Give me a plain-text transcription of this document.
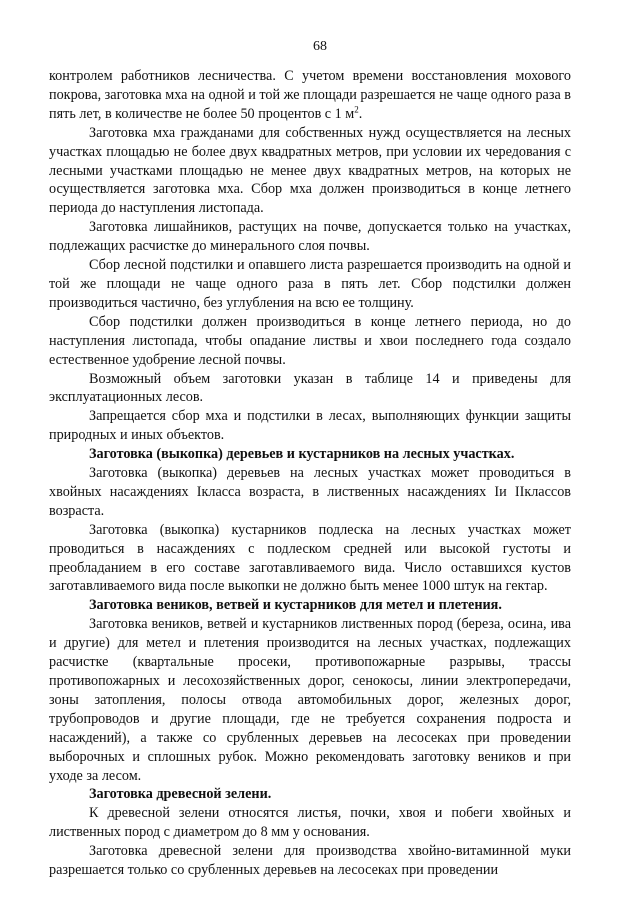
68

контролем работников лесничества. С учетом времени восстановления мохового покрова, заготовка мха на одной и той же площади разрешается не чаще одного раза в пять лет, в количестве не более 50 процентов с 1 $м^2$.

Заготовка мха гражданами для собственных нужд осуществляется на лесных участках площадью не более двух квадратных метров, при условии их чередования с лесными участками площадью не менее двух квадратных метров, на которых не осуществляется заготовка мха. Сбор мха должен производиться в конце летнего периода до наступления листопада.

Заготовка лишайников, растущих на почве, допускается только на участках, подлежащих расчистке до минерального слоя почвы.

Сбор лесной подстилки и опавшего листа разрешается производить на одной и той же площади не чаще одного раза в пять лет. Сбор подстилки должен производиться частично, без углубления на всю ее толщину.

Сбор подстилки должен производиться в конце летнего периода, но до наступления листопада, чтобы опадание листвы и хвои последнего года создало естественное удобрение лесной почвы.

Возможный объем заготовки указан в таблице 14 и приведены для эксплуатационных лесов.

Запрещается сбор мха и подстилки в лесах, выполняющих функции защиты природных и иных объектов.

Заготовка (выкопка) деревьев и кустарников на лесных участках.

Заготовка (выкопка) деревьев на лесных участках может проводиться в хвойных насаждениях Iкласса возраста, в лиственных насаждениях Iи IIклассов возраста.

Заготовка (выкопка) кустарников подлеска на лесных участках может проводиться в насаждениях с подлеском средней или высокой густоты и преобладанием в его составе заготавливаемого вида. Число оставшихся кустов заготавливаемого вида после выкопки не должно быть менее 1000 штук на гектар.

Заготовка веников, ветвей и кустарников для метел и плетения.

Заготовка веников, ветвей и кустарников лиственных пород (береза, осина, ива и другие) для метел и плетения производится на лесных участках, подлежащих расчистке (квартальные просеки, противопожарные разрывы, трассы противопожарных и лесохозяйственных дорог, сенокосы, линии электропередачи, зоны затопления, полосы отвода автомобильных дорог, железных дорог, трубопроводов и другие площади, где не требуется сохранения подроста и насаждений), а также со срубленных деревьев на лесосеках при проведении выборочных и сплошных рубок. Можно рекомендовать заготовку веников и при уходе за лесом.

Заготовка древесной зелени.

К древесной зелени относятся листья, почки, хвоя и побеги хвойных и лиственных пород с диаметром до 8 мм у основания.

Заготовка древесной зелени для производства хвойно-витаминной муки разрешается только со срубленных деревьев на лесосеках при проведении
